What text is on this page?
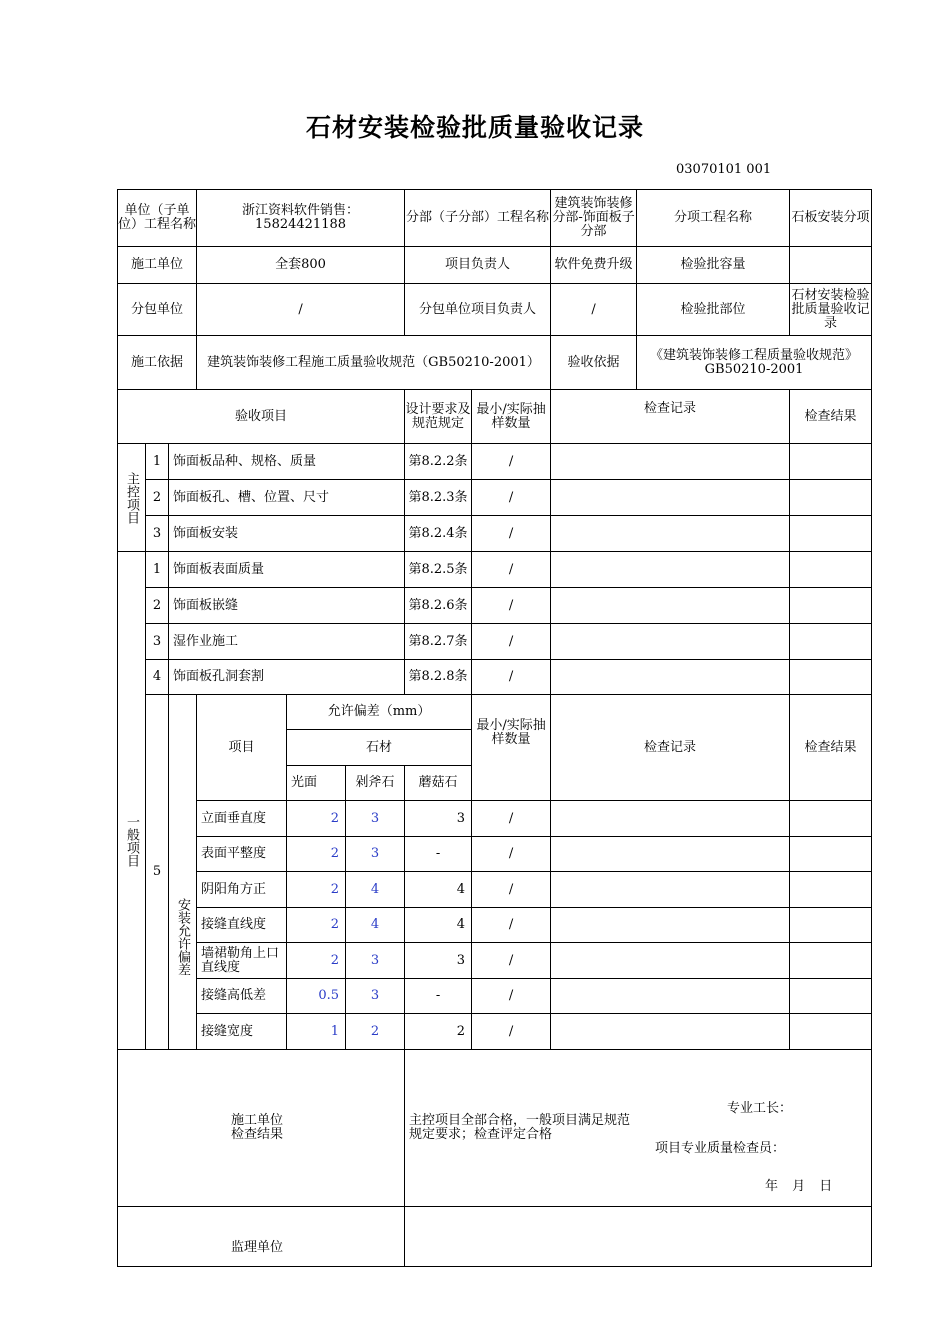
石材安装检验批质量验收记录
03070101 001
单位（子单位）工程名称			浙江资料软件销售：15824421188			分部（子分部）工程名称		建筑装饰装修分部-饰面板子分部	分项工程名称	石板安装分项
施工单位			全套800			项目负责人		软件免费升级	检验批容量	
分包单位			/			分包单位项目负责人		/	检验批部位	石材安装检验批质量验收记录
施工依据			建筑装饰装修工程施工质量验收规范（GB50210-2001）					验收依据	《建筑装饰装修工程质量验收规范》GB50210-2001	
验收项目						设计要求及规范规定	最小/实际抽样数量	检查记录		检查结果

主控项目	1	饰面板品种、规格、质量				第8.2.2条	/			
	2	饰面板孔、槽、位置、尺寸				第8.2.3条	/			
	3	饰面板安装				第8.2.4条	/			

一般项目	1	饰面板表面质量				第8.2.5条	/			
	2	饰面板嵌缝				第8.2.6条	/			
	3	湿作业施工				第8.2.7条	/			
	4	饰面板孔洞套割				第8.2.8条	/			
	5	安装允许偏差	项目	允许偏差（mm）			最小/实际抽样数量	检查记录		检查结果
				石材						
				光面	剁斧石	蘑菇石				
			立面垂直度	2	3	3	/			
			表面平整度	2	3	-	/			
			阴阳角方正	2	4	4	/			
			接缝直线度	2	4	4	/			
			墙裙勒角上口直线度	2	3	3	/			
			接缝高低差	0.5	3	-	/			
			接缝宽度	1	2	2	/			

施工单位检查结果						主控项目全部合格，一般项目满足规范规定要求；检查评定合格
专业工长：
项目专业质量检查员：
年 月 日				

监理单位										
